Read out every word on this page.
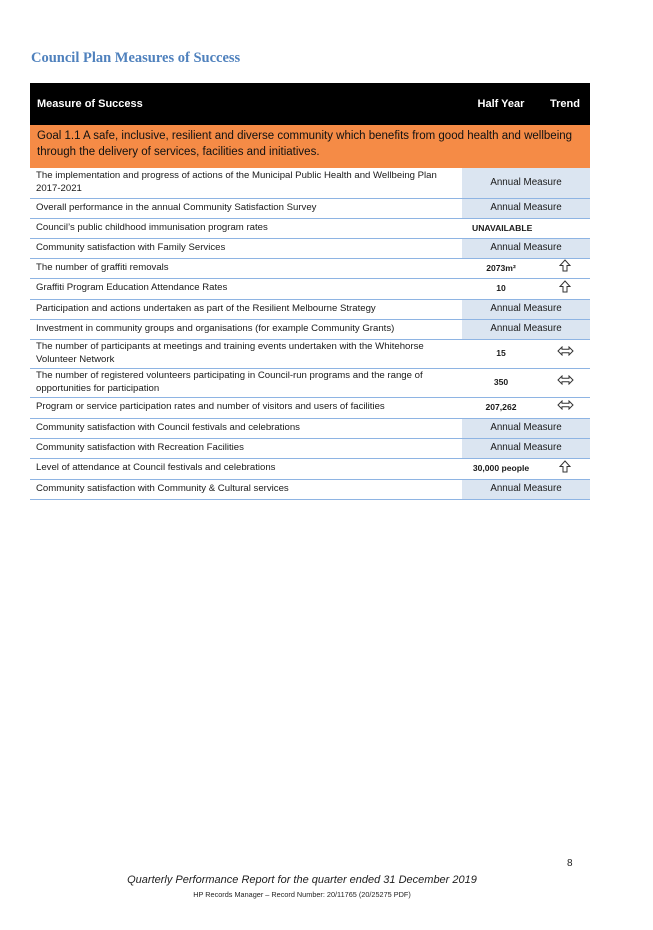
Council Plan Measures of Success
Measure of Success	Half Year	Trend
Goal 1.1 A safe, inclusive, resilient and diverse community which benefits from good health and wellbeing through the delivery of services, facilities and initiatives.		
The implementation and progress of actions of the Municipal Public Health and Wellbeing Plan 2017-2021	Annual Measure	
Overall performance in the annual Community Satisfaction Survey	Annual Measure	
Council’s public childhood immunisation program rates	UNAVAILABLE	
Community satisfaction with Family Services	Annual Measure	
The number of graffiti removals	2073m²	

Graffiti Program Education Attendance Rates	10	

Participation and actions undertaken as part of the Resilient Melbourne Strategy	Annual Measure	
Investment in community groups and organisations (for example Community Grants)	Annual Measure	
The number of participants at meetings and training events undertaken with the Whitehorse Volunteer Network	15	

The number of registered volunteers participating in Council-run programs and the range of opportunities for participation	350	

Program or service participation rates and number of visitors and users of facilities	207,262	

Community satisfaction with Council festivals and celebrations	Annual Measure	
Community satisfaction with Recreation Facilities	Annual Measure	
Level of attendance at Council festivals and celebrations	30,000 people	

Community satisfaction with Community & Cultural services	Annual Measure	
8
Quarterly Performance Report for the quarter ended 31 December 2019
HP Records Manager – Record Number: 20/11765 (20/25275 PDF)
